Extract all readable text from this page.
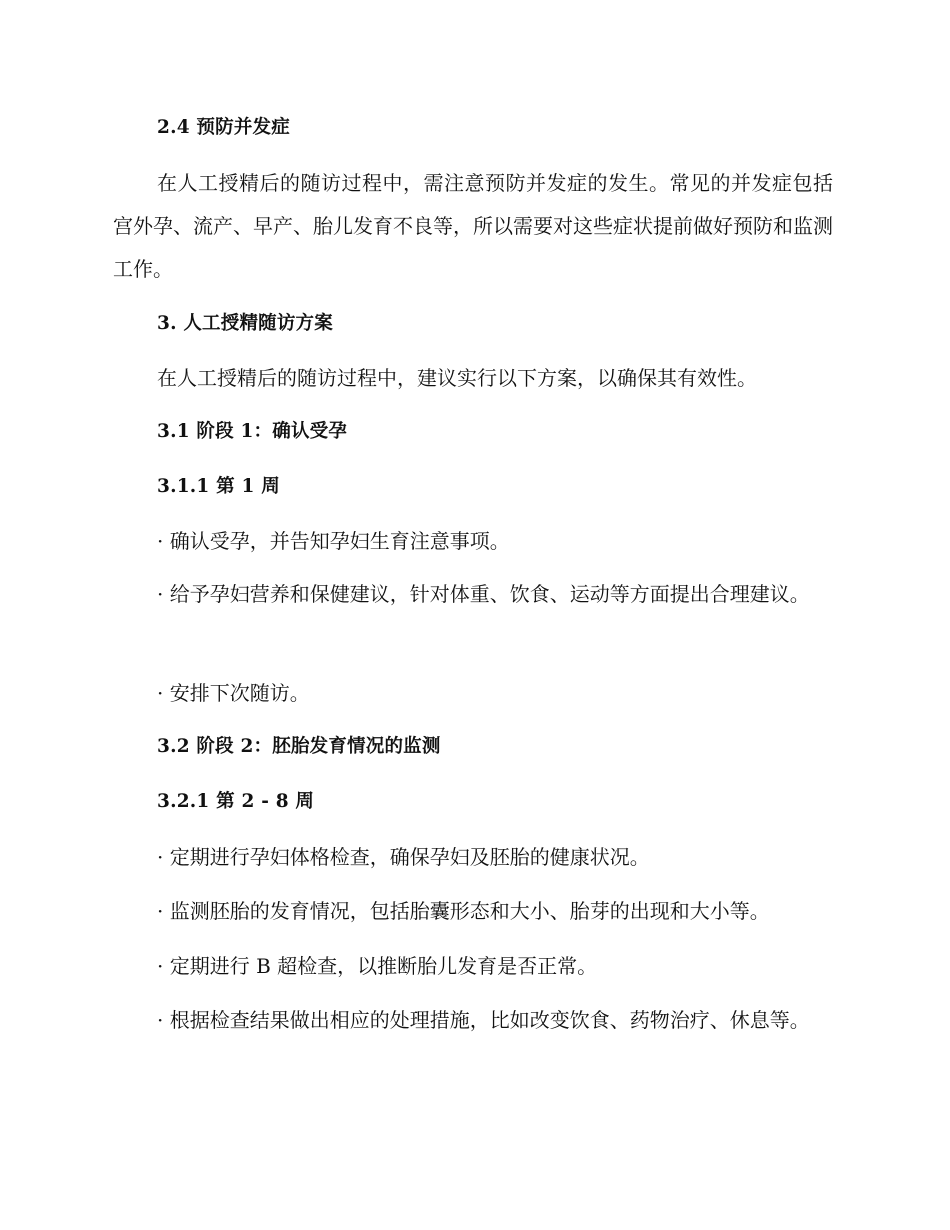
2.4 预防并发症
在人工授精后的随访过程中，需注意预防并发症的发生。常见的并发症包括宫外孕、流产、早产、胎儿发育不良等，所以需要对这些症状提前做好预防和监测工作。
3. 人工授精随访方案
在人工授精后的随访过程中，建议实行以下方案，以确保其有效性。
3.1 阶段 1：确认受孕
3.1.1 第 1 周
· 确认受孕，并告知孕妇生育注意事项。
· 给予孕妇营养和保健建议，针对体重、饮食、运动等方面提出合理建议。
· 安排下次随访。
3.2 阶段 2：胚胎发育情况的监测
3.2.1 第 2 - 8 周
· 定期进行孕妇体格检查，确保孕妇及胚胎的健康状况。
· 监测胚胎的发育情况，包括胎囊形态和大小、胎芽的出现和大小等。
· 定期进行 B 超检查，以推断胎儿发育是否正常。
· 根据检查结果做出相应的处理措施，比如改变饮食、药物治疗、休息等。
